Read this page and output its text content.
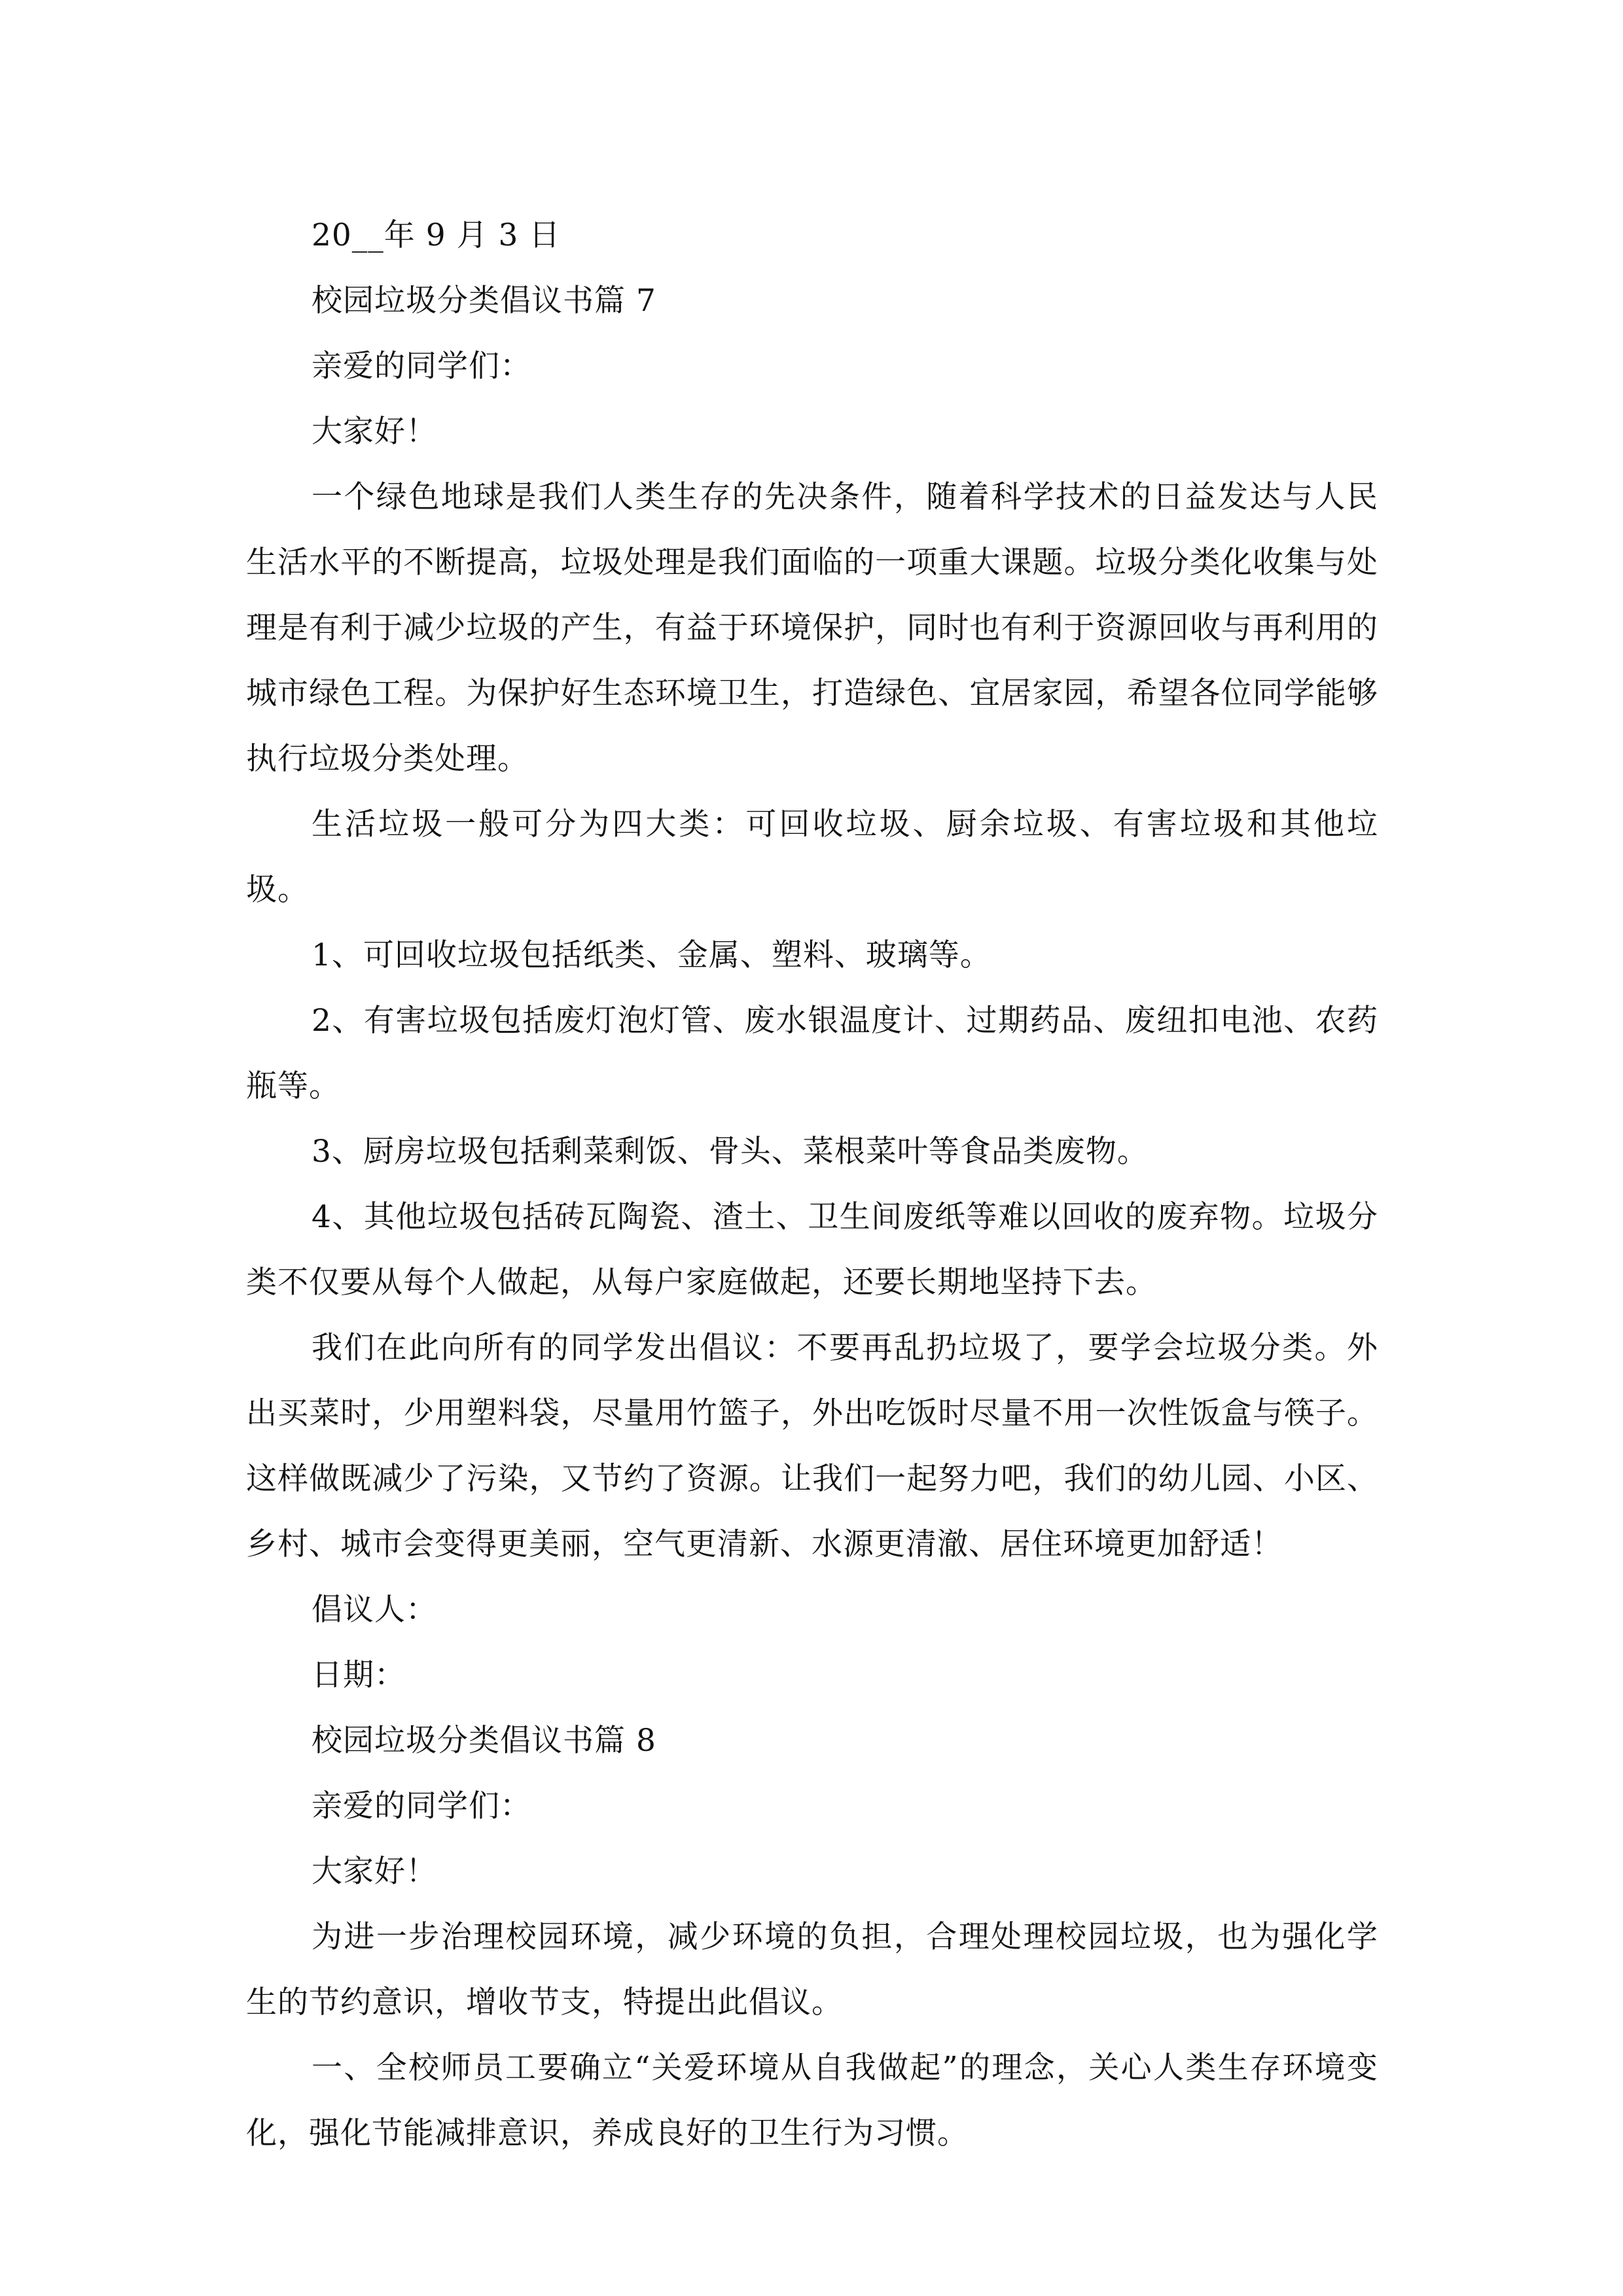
20__年 9 月 3 日

校园垃圾分类倡议书篇 7

亲爱的同学们：

大家好！

一个绿色地球是我们人类生存的先决条件，随着科学技术的日益发达与人民生活水平的不断提高，垃圾处理是我们面临的一项重大课题。垃圾分类化收集与处理是有利于减少垃圾的产生，有益于环境保护，同时也有利于资源回收与再利用的城市绿色工程。为保护好生态环境卫生，打造绿色、宜居家园，希望各位同学能够执行垃圾分类处理。

生活垃圾一般可分为四大类：可回收垃圾、厨余垃圾、有害垃圾和其他垃圾。

1、可回收垃圾包括纸类、金属、塑料、玻璃等。

2、有害垃圾包括废灯泡灯管、废水银温度计、过期药品、废纽扣电池、农药瓶等。

3、厨房垃圾包括剩菜剩饭、骨头、菜根菜叶等食品类废物。

4、其他垃圾包括砖瓦陶瓷、渣土、卫生间废纸等难以回收的废弃物。垃圾分类不仅要从每个人做起，从每户家庭做起，还要长期地坚持下去。

我们在此向所有的同学发出倡议：不要再乱扔垃圾了，要学会垃圾分类。外出买菜时，少用塑料袋，尽量用竹篮子，外出吃饭时尽量不用一次性饭盒与筷子。这样做既减少了污染，又节约了资源。让我们一起努力吧，我们的幼儿园、小区、乡村、城市会变得更美丽，空气更清新、水源更清澈、居住环境更加舒适！

倡议人：

日期：

校园垃圾分类倡议书篇 8

亲爱的同学们：

大家好！

为进一步治理校园环境，减少环境的负担，合理处理校园垃圾，也为强化学生的节约意识，增收节支，特提出此倡议。

一、全校师员工要确立“关爱环境从自我做起”的理念，关心人类生存环境变化，强化节能减排意识，养成良好的卫生行为习惯。
